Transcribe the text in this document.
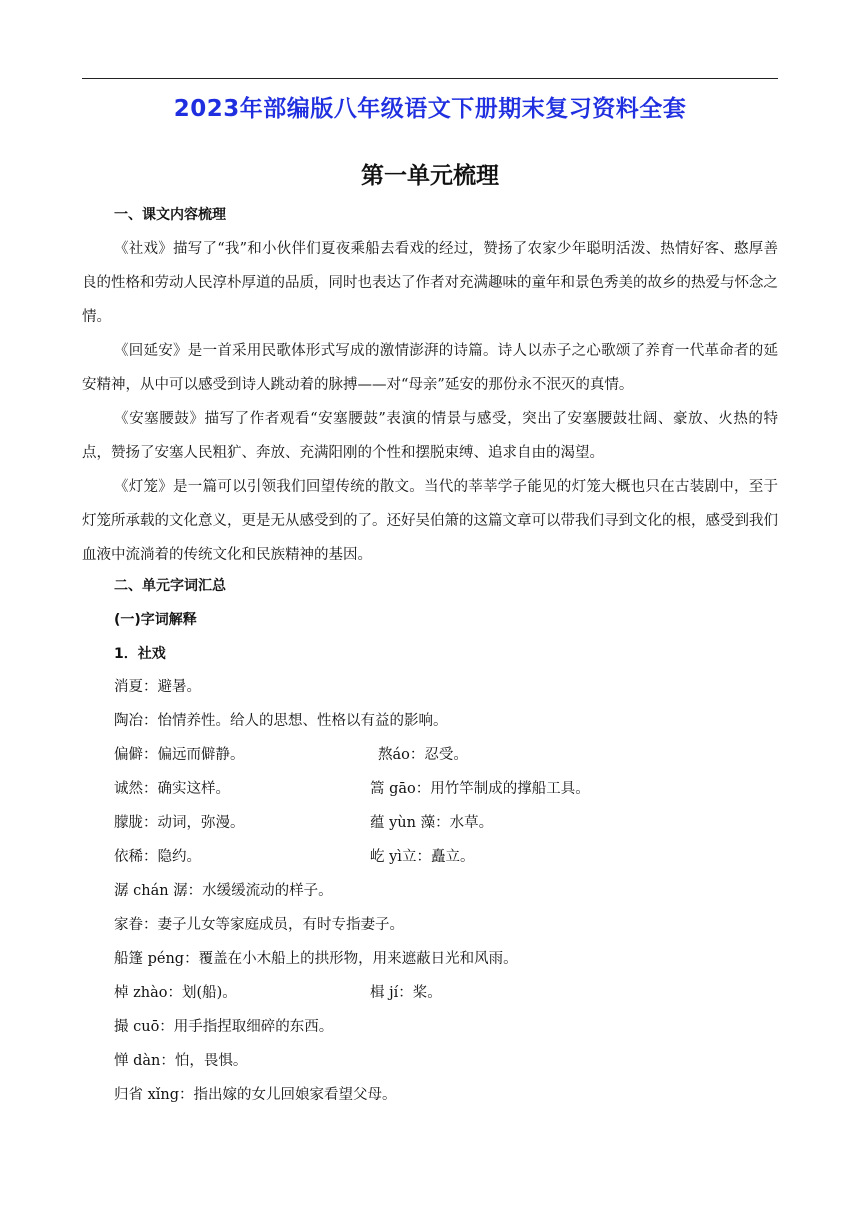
2023年部编版八年级语文下册期末复习资料全套
第一单元梳理
一、课文内容梳理
《社戏》描写了“我”和小伙伴们夏夜乘船去看戏的经过，赞扬了农家少年聪明活泼、热情好客、憨厚善良的性格和劳动人民淳朴厚道的品质，同时也表达了作者对充满趣味的童年和景色秀美的故乡的热爱与怀念之情。
《回延安》是一首采用民歌体形式写成的激情澎湃的诗篇。诗人以赤子之心歌颂了养育一代革命者的延安精神，从中可以感受到诗人跳动着的脉搏——对“母亲”延安的那份永不泯灭的真情。
《安塞腰鼓》描写了作者观看“安塞腰鼓”表演的情景与感受，突出了安塞腰鼓壮阔、豪放、火热的特点，赞扬了安塞人民粗犷、奔放、充满阳刚的个性和摆脱束缚、追求自由的渴望。
《灯笼》是一篇可以引领我们回望传统的散文。当代的莘莘学子能见的灯笼大概也只在古装剧中，至于灯笼所承载的文化意义，更是无从感受到的了。还好吴伯箫的这篇文章可以带我们寻到文化的根，感受到我们血液中流淌着的传统文化和民族精神的基因。
二、单元字词汇总
(一)字词解释
1．社戏
消夏：避暑。
陶冶：怡情养性。给人的思想、性格以有益的影响。
偏僻：偏远而僻静。	熬áo：忍受。
诚然：确实这样。	篙 gāo：用竹竿制成的撑船工具。
朦胧：动词，弥漫。	蕴 yùn 藻：水草。
依稀：隐约。	屹 yì立：矗立。
潺 chán 潺：水缓缓流动的样子。
家眷：妻子儿女等家庭成员，有时专指妻子。
船篷 péng：覆盖在小木船上的拱形物，用来遮蔽日光和风雨。
棹 zhào：划(船)。	楫 jí：桨。
撮 cuō：用手指捏取细碎的东西。
惮 dàn：怕，畏惧。
归省 xǐng：指出嫁的女儿回娘家看望父母。
